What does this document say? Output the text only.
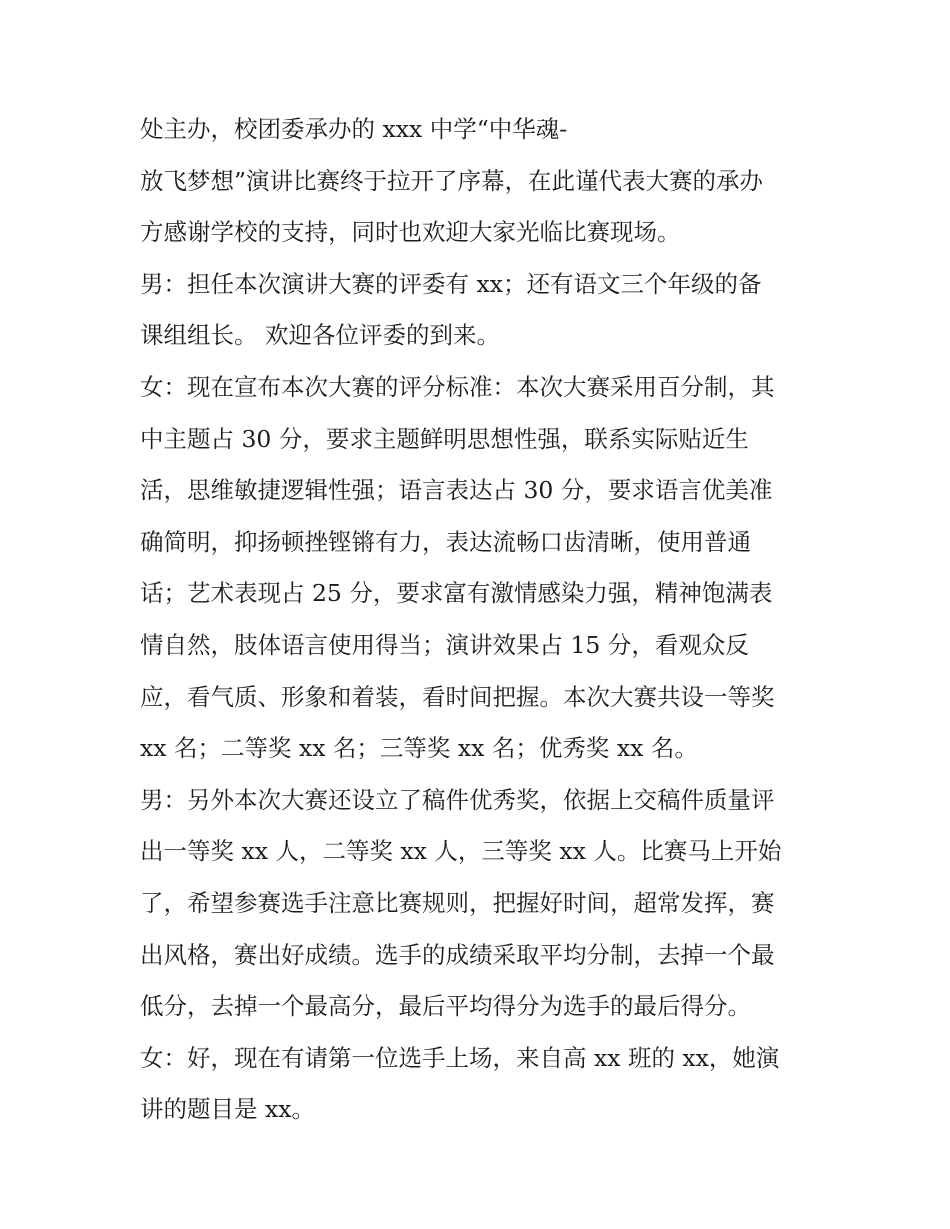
处主办，校团委承办的 xxx 中学“中华魂-
放飞梦想”演讲比赛终于拉开了序幕，在此谨代表大赛的承办
方感谢学校的支持，同时也欢迎大家光临比赛现场。
男：担任本次演讲大赛的评委有 xx；还有语文三个年级的备
课组组长。 欢迎各位评委的到来。
女：现在宣布本次大赛的评分标准：本次大赛采用百分制，其
中主题占 30 分，要求主题鲜明思想性强，联系实际贴近生
活，思维敏捷逻辑性强；语言表达占 30 分，要求语言优美准
确简明，抑扬顿挫铿锵有力，表达流畅口齿清晰，使用普通
话；艺术表现占 25 分，要求富有激情感染力强，精神饱满表
情自然，肢体语言使用得当；演讲效果占 15 分，看观众反
应，看气质、形象和着装，看时间把握。本次大赛共设一等奖
xx 名；二等奖 xx 名；三等奖 xx 名；优秀奖 xx 名。
男：另外本次大赛还设立了稿件优秀奖，依据上交稿件质量评
出一等奖 xx 人，二等奖 xx 人，三等奖 xx 人。比赛马上开始
了，希望参赛选手注意比赛规则，把握好时间，超常发挥，赛
出风格，赛出好成绩。选手的成绩采取平均分制，去掉一个最
低分，去掉一个最高分，最后平均得分为选手的最后得分。
女：好，现在有请第一位选手上场，来自高 xx 班的 xx，她演
讲的题目是 xx。
